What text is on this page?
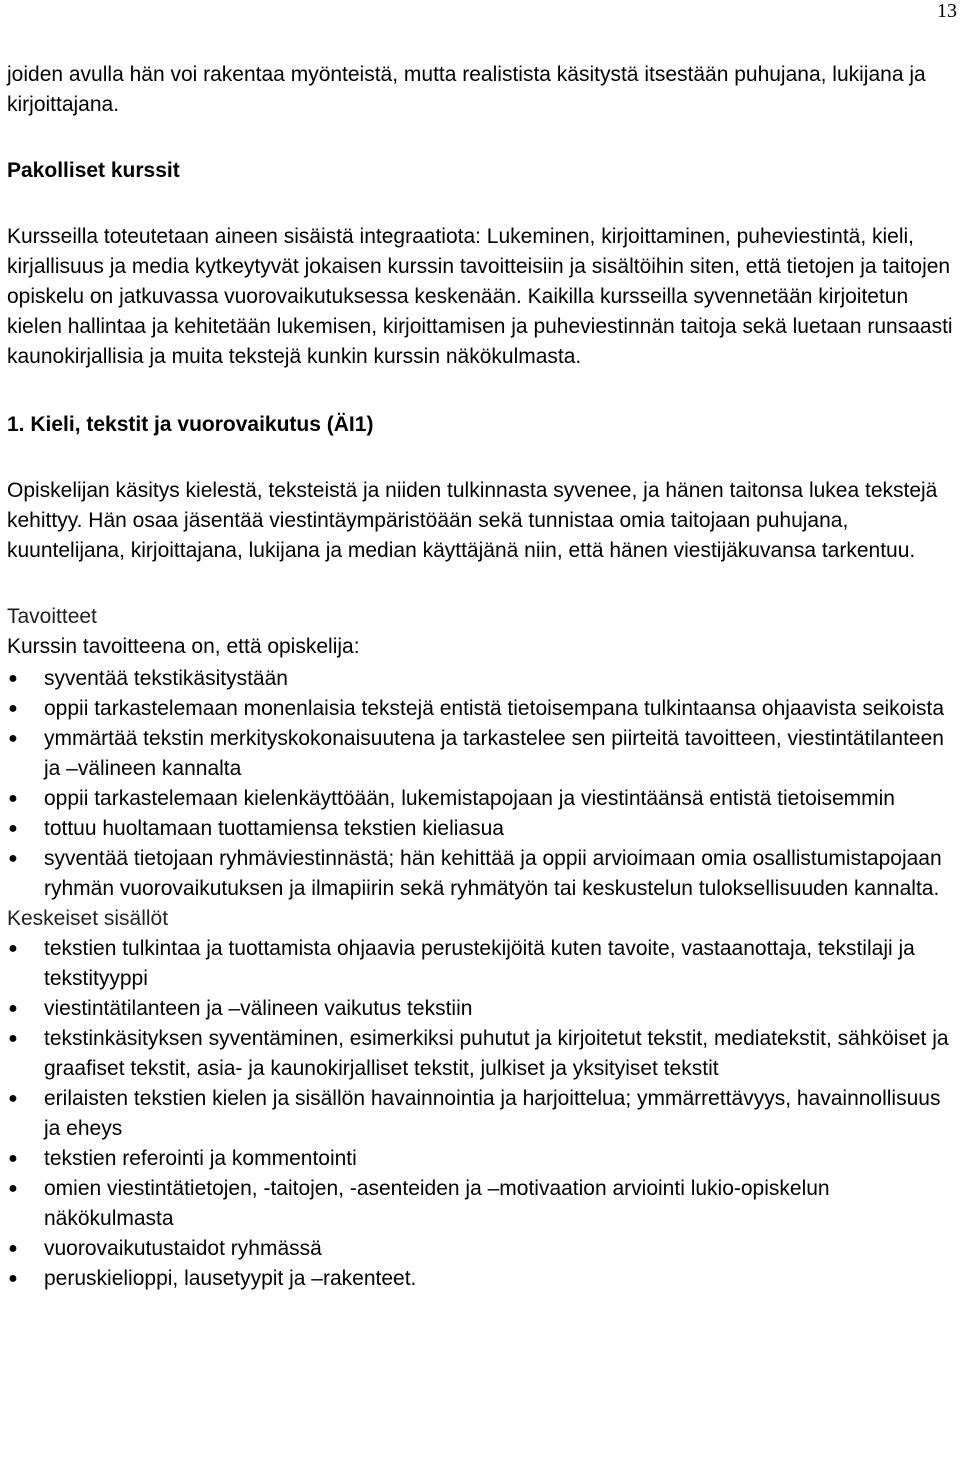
13

joiden avulla hän voi rakentaa myönteistä, mutta realistista käsitystä itsestään puhujana, lukijana ja kirjoittajana.

Pakolliset kurssit

Kursseilla toteutetaan aineen sisäistä integraatiota: Lukeminen, kirjoittaminen, puheviestintä, kieli, kirjallisuus ja media kytkeytyvät jokaisen kurssin tavoitteisiin ja sisältöihin siten, että tietojen ja taitojen opiskelu on jatkuvassa vuorovaikutuksessa keskenään. Kaikilla kursseilla syvennetään kirjoitetun kielen hallintaa ja kehitetään lukemisen, kirjoittamisen ja puheviestinnän taitoja sekä luetaan runsaasti kaunokirjallisia ja muita tekstejä kunkin kurssin näkökulmasta.

1. Kieli, tekstit ja vuorovaikutus (ÄI1)

Opiskelijan käsitys kielestä, teksteistä ja niiden tulkinnasta syvenee, ja hänen taitonsa lukea tekstejä kehittyy. Hän osaa jäsentää viestintäympäristöään sekä tunnistaa omia taitojaan puhujana, kuuntelijana, kirjoittajana, lukijana ja median käyttäjänä niin, että hänen viestijäkuvansa tarkentuu.

Tavoitteet

Kurssin tavoitteena on, että opiskelija:

● syventää tekstikäsitystään
● oppii tarkastelemaan monenlaisia tekstejä entistä tietoisempana tulkintaansa ohjaavista seikoista
● ymmärtää tekstin merkityskokonaisuutena ja tarkastelee sen piirteitä tavoitteen, viestintätilanteen ja –välineen kannalta
● oppii tarkastelemaan kielenkäyttöään, lukemistapojaan ja viestintäänsä entistä tietoisemmin
● tottuu huoltamaan tuottamiensa tekstien kieliasua
● syventää tietojaan ryhmäviestinnästä; hän kehittää ja oppii arvioimaan omia osallistumistapojaan ryhmän vuorovaikutuksen ja ilmapiirin sekä ryhmätyön tai keskustelun tuloksellisuuden kannalta.

Keskeiset sisällöt

● tekstien tulkintaa ja tuottamista ohjaavia perustekijöitä kuten tavoite, vastaanottaja, tekstilaji ja tekstityyppi
● viestintätilanteen ja –välineen vaikutus tekstiin
● tekstinkäsityksen syventäminen, esimerkiksi puhutut ja kirjoitetut tekstit, mediatekstit, sähköiset ja graafiset tekstit, asia- ja kaunokirjalliset tekstit, julkiset ja yksityiset tekstit
● erilaisten tekstien kielen ja sisällön havainnointia ja harjoittelua; ymmärrettävyys, havainnollisuus ja eheys
● tekstien referointi ja kommentointi
● omien viestintätietojen, -taitojen, -asenteiden ja –motivaation arviointi lukio-opiskelun näkökulmasta
● vuorovaikutustaidot ryhmässä
● peruskielioppi, lausetyypit ja –rakenteet.
